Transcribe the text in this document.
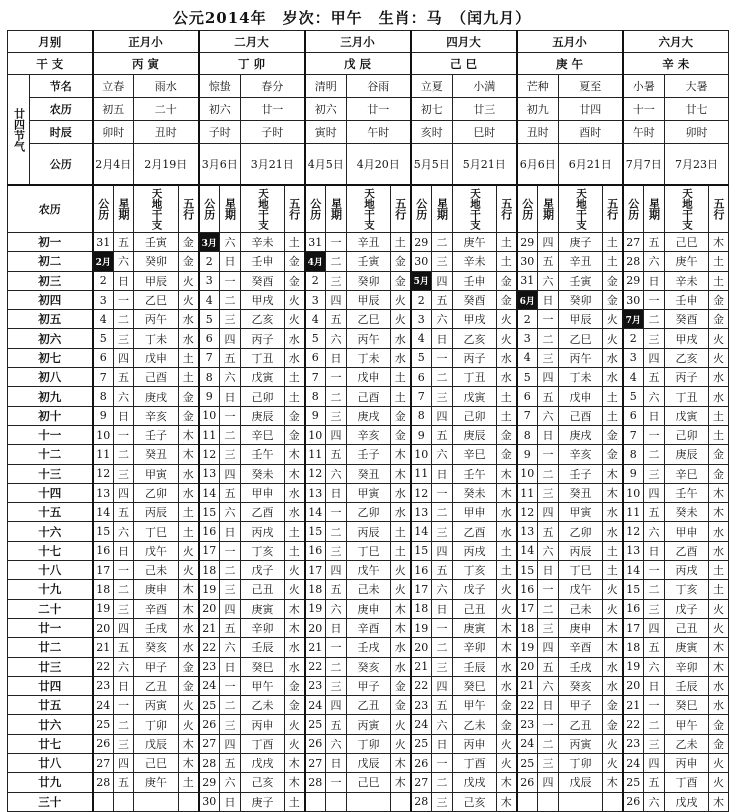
公元2014年　岁次：甲午　生肖：马　（闰九月）
月别		正月小				二月大				三月小				四月大				五月小				六月大			
干 支		丙 寅				丁 卯				戊 辰				己 巳				庚 午				辛 未			
廿四节气	节名	立春		雨水		惊蛰		春分		清明		谷雨		立夏		小满		芒种		夏至		小暑		大暑	
	农历	初五		二十		初六		廿一		初六		廿一		初七		廿三		初九		廿四		十一		廿七	
	时辰	卯时		丑时		子时		子时		寅时		午时		亥时		巳时		丑时		酉时		午时		卯时	
	公历	2月4日		2月19日		3月6日		3月21日		4月5日		4月20日		5月5日		5月21日		6月6日		6月21日		7月7日		7月23日	
农历		公历	星期	天地干支	五行	公历	星期	天地干支	五行	公历	星期	天地干支	五行	公历	星期	天地干支	五行	公历	星期	天地干支	五行	公历	星期	天地干支	五行
初一		31	五	壬寅	金	3月	六	辛未	土	31	一	辛丑	土	29	二	庚午	土	29	四	庚子	土	27	五	己巳	木
初二		2月	六	癸卯	金	2	日	壬申	金	4月	二	壬寅	金	30	三	辛未	土	30	五	辛丑	土	28	六	庚午	土
初三		2	日	甲辰	火	3	一	癸酉	金	2	三	癸卯	金	5月	四	壬申	金	31	六	壬寅	金	29	日	辛未	土
初四		3	一	乙巳	火	4	二	甲戌	火	3	四	甲辰	火	2	五	癸酉	金	6月	日	癸卯	金	30	一	壬申	金
初五		4	二	丙午	水	5	三	乙亥	火	4	五	乙巳	火	3	六	甲戌	火	2	一	甲辰	火	7月	二	癸酉	金
初六		5	三	丁未	水	6	四	丙子	水	5	六	丙午	水	4	日	乙亥	火	3	二	乙巳	火	2	三	甲戌	火
初七		6	四	戊申	土	7	五	丁丑	水	6	日	丁未	水	5	一	丙子	水	4	三	丙午	水	3	四	乙亥	火
初八		7	五	己酉	土	8	六	戊寅	土	7	一	戊申	土	6	二	丁丑	水	5	四	丁未	水	4	五	丙子	水
初九		8	六	庚戌	金	9	日	己卯	土	8	二	己酉	土	7	三	戊寅	土	6	五	戊申	土	5	六	丁丑	水
初十		9	日	辛亥	金	10	一	庚辰	金	9	三	庚戌	金	8	四	己卯	土	7	六	己酉	土	6	日	戊寅	土
十一		10	一	壬子	木	11	二	辛巳	金	10	四	辛亥	金	9	五	庚辰	金	8	日	庚戌	金	7	一	己卯	土
十二		11	二	癸丑	木	12	三	壬午	木	11	五	壬子	木	10	六	辛巳	金	9	一	辛亥	金	8	二	庚辰	金
十三		12	三	甲寅	水	13	四	癸未	木	12	六	癸丑	木	11	日	壬午	木	10	二	壬子	木	9	三	辛巳	金
十四		13	四	乙卯	水	14	五	甲申	水	13	日	甲寅	水	12	一	癸未	木	11	三	癸丑	木	10	四	壬午	木
十五		14	五	丙辰	土	15	六	乙酉	水	14	一	乙卯	水	13	二	甲申	水	12	四	甲寅	水	11	五	癸未	木
十六		15	六	丁巳	土	16	日	丙戌	土	15	二	丙辰	土	14	三	乙酉	水	13	五	乙卯	水	12	六	甲申	水
十七		16	日	戊午	火	17	一	丁亥	土	16	三	丁巳	土	15	四	丙戌	土	14	六	丙辰	土	13	日	乙酉	水
十八		17	一	己未	火	18	二	戊子	火	17	四	戊午	火	16	五	丁亥	土	15	日	丁巳	土	14	一	丙戌	土
十九		18	二	庚申	木	19	三	己丑	火	18	五	己未	火	17	六	戊子	火	16	一	戊午	火	15	二	丁亥	土
二十		19	三	辛酉	木	20	四	庚寅	木	19	六	庚申	木	18	日	己丑	火	17	二	己未	火	16	三	戊子	火
廿一		20	四	壬戌	水	21	五	辛卯	木	20	日	辛酉	木	19	一	庚寅	木	18	三	庚申	木	17	四	己丑	火
廿二		21	五	癸亥	水	22	六	壬辰	水	21	一	壬戌	水	20	二	辛卯	木	19	四	辛酉	木	18	五	庚寅	木
廿三		22	六	甲子	金	23	日	癸巳	水	22	二	癸亥	水	21	三	壬辰	水	20	五	壬戌	水	19	六	辛卯	木
廿四		23	日	乙丑	金	24	一	甲午	金	23	三	甲子	金	22	四	癸巳	水	21	六	癸亥	水	20	日	壬辰	水
廿五		24	一	丙寅	火	25	二	乙未	金	24	四	乙丑	金	23	五	甲午	金	22	日	甲子	金	21	一	癸巳	水
廿六		25	二	丁卯	火	26	三	丙申	火	25	五	丙寅	火	24	六	乙未	金	23	一	乙丑	金	22	二	甲午	金
廿七		26	三	戊辰	木	27	四	丁酉	火	26	六	丁卯	火	25	日	丙申	火	24	二	丙寅	火	23	三	乙未	金
廿八		27	四	己巳	木	28	五	戊戌	木	27	日	戊辰	木	26	一	丁酉	火	25	三	丁卯	火	24	四	丙申	火
廿九		28	五	庚午	土	29	六	己亥	木	28	一	己巳	木	27	二	戊戌	木	26	四	戊辰	木	25	五	丁酉	火
三十						30	日	庚子	土					28	三	己亥	木					26	六	戊戌	木
